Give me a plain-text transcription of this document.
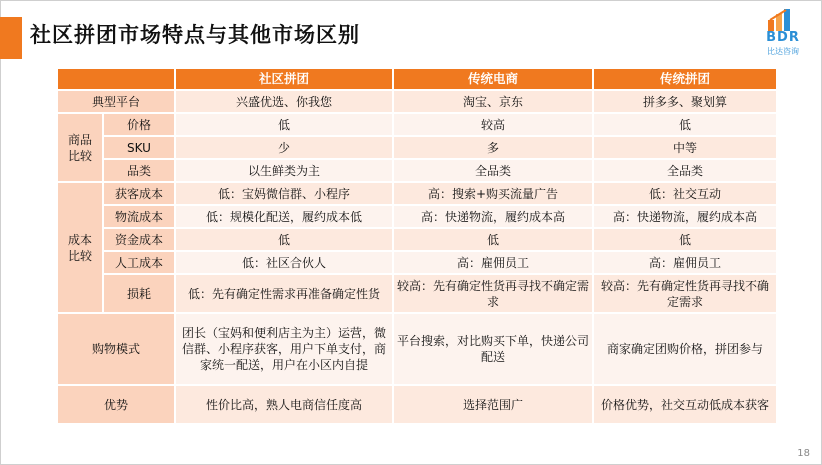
社区拼团市场特点与其他市场区别	BDR
比达咨询
		社区拼团	传统电商	传统拼团
典型平台		兴盛优选、你我您	淘宝、京东	拼多多、聚划算
商品比较	价格	低	较高	低
	SKU	少	多	中等
	品类	以生鲜类为主	全品类	全品类
成本比较	获客成本	低：宝妈微信群、小程序	高：搜索+购买流量广告	低：社交互动
	物流成本	低：规模化配送，履约成本低	高：快递物流，履约成本高	高：快递物流，履约成本高
	资金成本	低	低	低
	人工成本	低：社区合伙人	高：雇佣员工	高：雇佣员工
	损耗	低：先有确定性需求再准备确定性货	较高：先有确定性货再寻找不确定需求	较高：先有确定性货再寻找不确定需求
购物模式		团长（宝妈和便利店主为主）运营，微信群、小程序获客，用户下单支付，商家统一配送，用户在小区内自提	平台搜索，对比购买下单，快递公司配送	商家确定团购价格，拼团参与
优势		性价比高，熟人电商信任度高	选择范围广	价格优势，社交互动低成本获客
18
